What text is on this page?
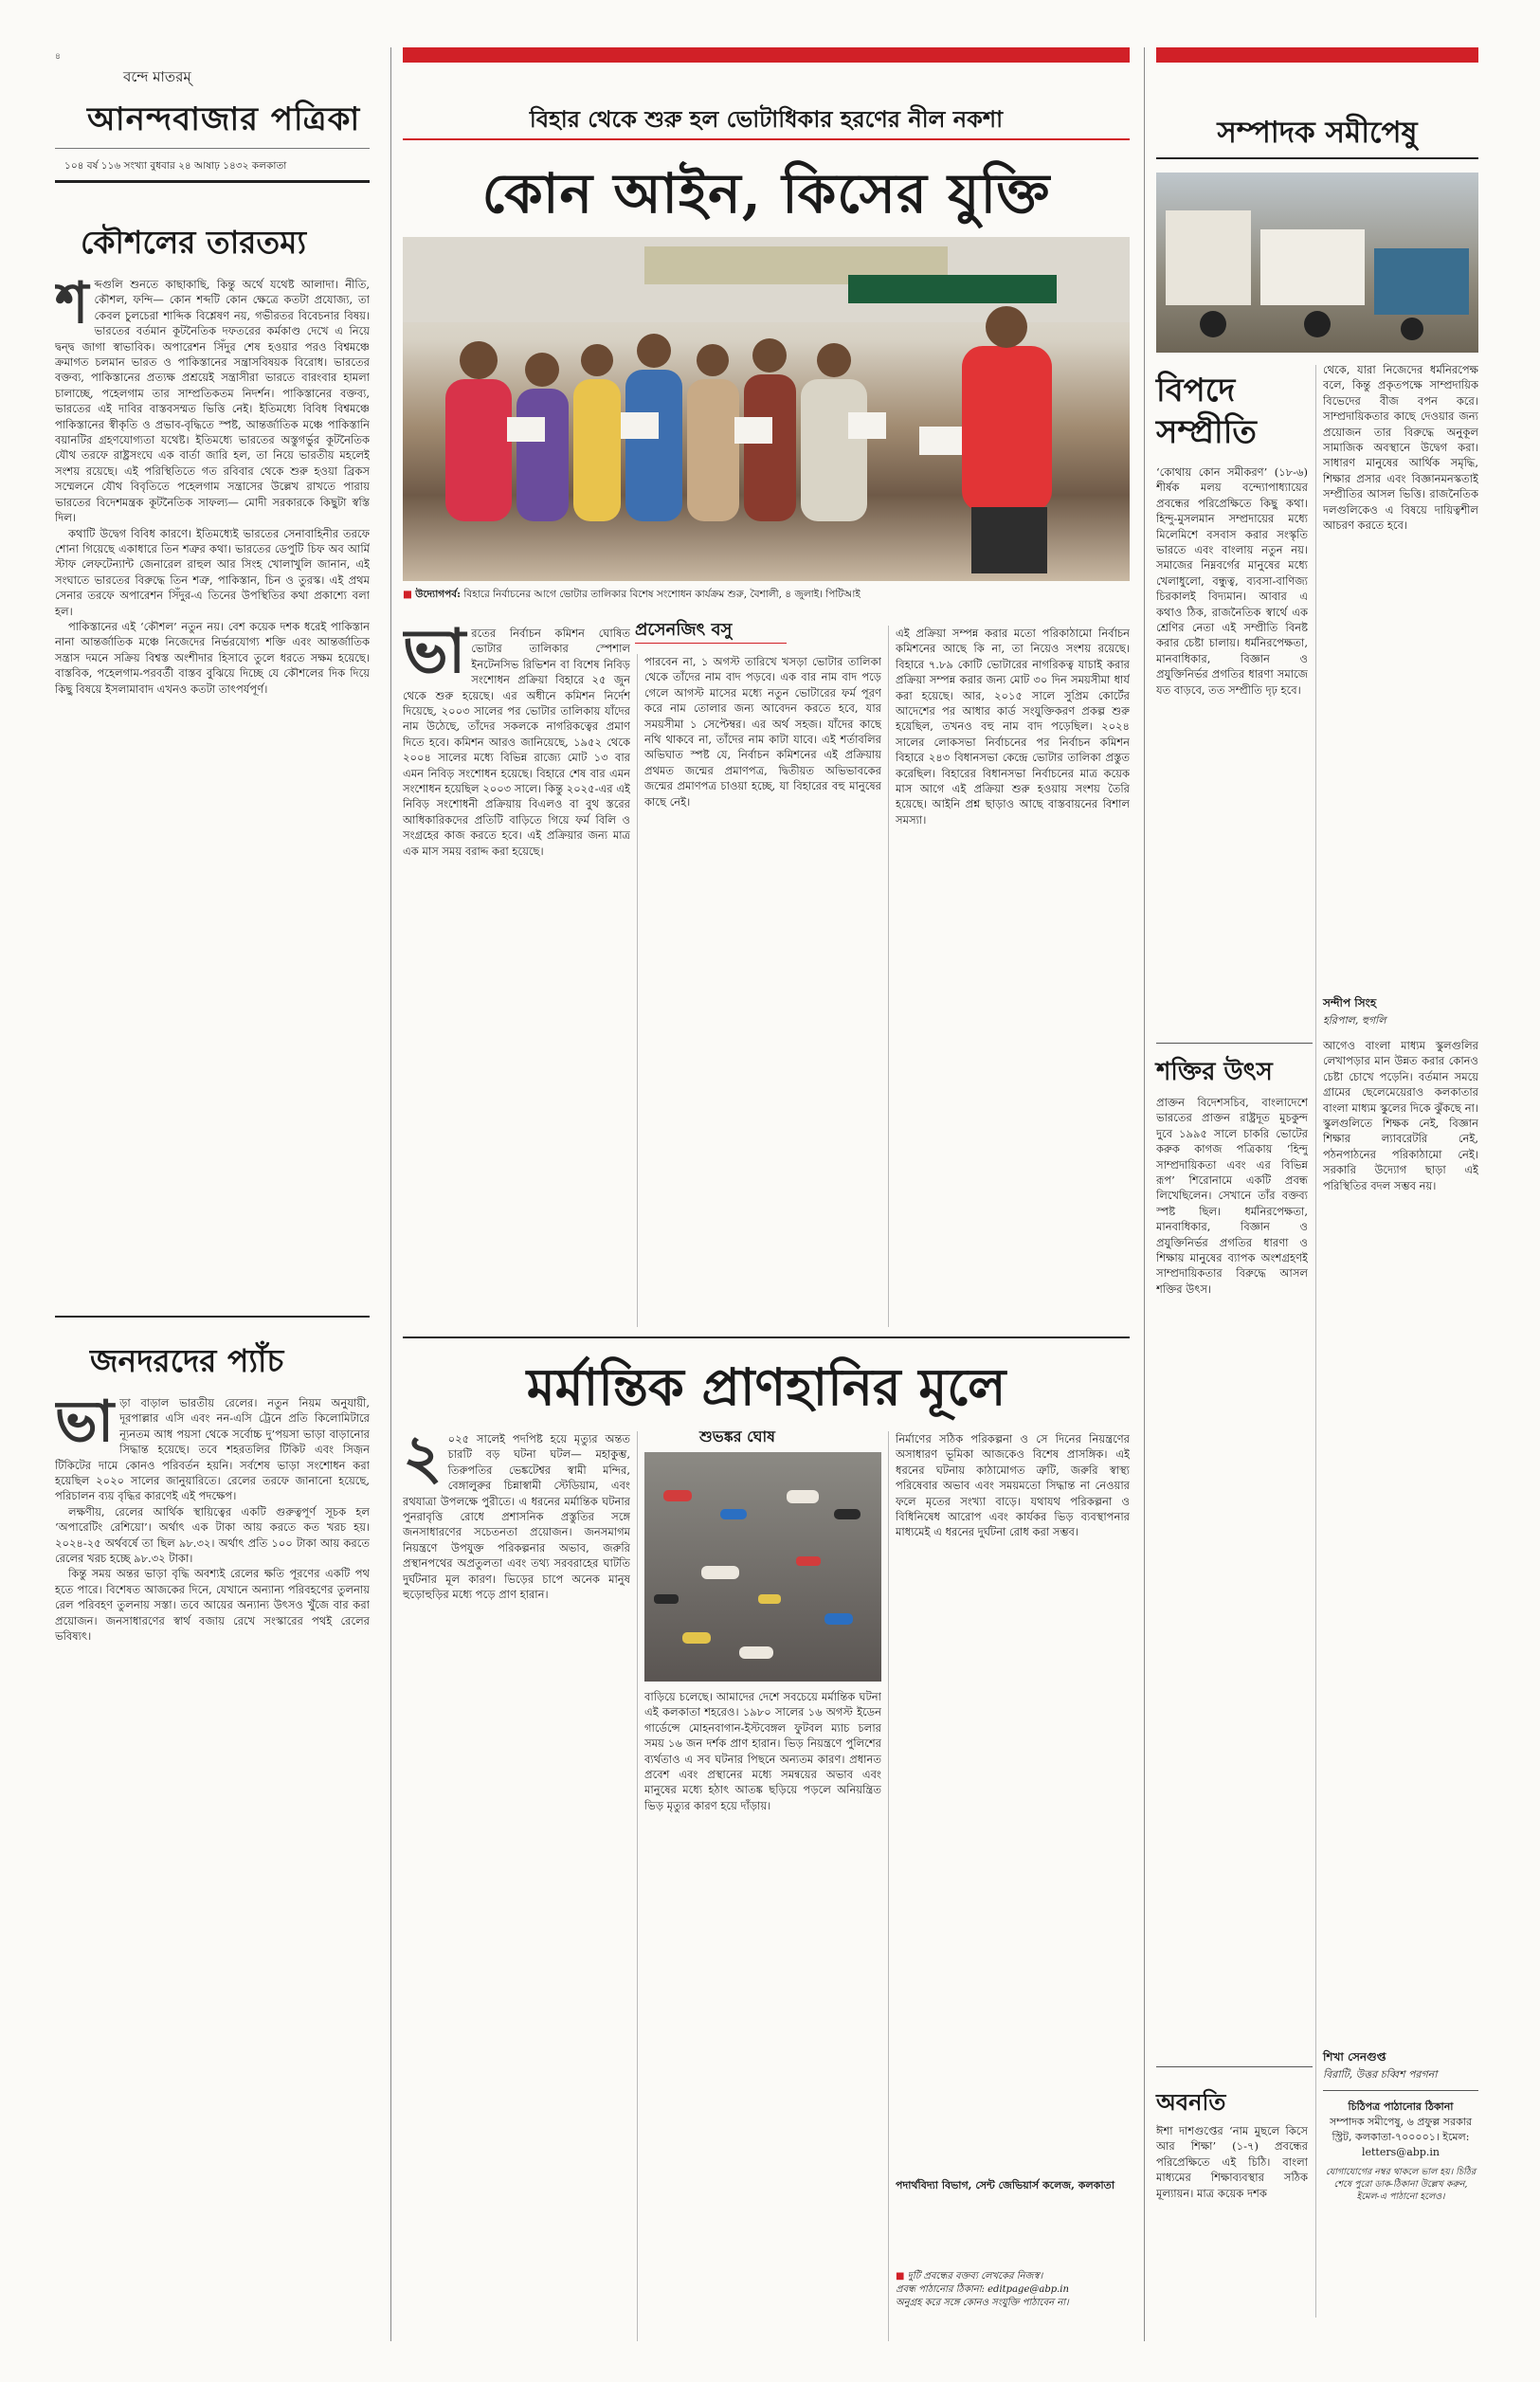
৪
বন্দে মাতরম্‌
আনন্দবাজার পত্রিকা
১০৪ বর্ষ ১১৬ সংখ্যা বুধবার ২৪ আষাঢ় ১৪৩২ কলকাতা
কৌশলের তারতম্য
শ ব্দগুলি শুনতে কাছাকাছি, কিন্তু অর্থে যথেষ্ট আলাদা। নীতি, কৌশল, ফন্দি— কোন শব্দটি কোন ক্ষেত্রে কতটা প্রযোজ্য, তা কেবল চুলচেরা শাব্দিক বিশ্লেষণ নয়, গভীরতর বিবেচনার বিষয়। ভারতের বর্তমান কূটনৈতিক দফতরের কর্মকাণ্ড দেখে এ নিয়ে দ্বন্দ্ব জাগা স্বাভাবিক। অপারেশন সিঁদুর শেষ হওয়ার পরও বিশ্বমঞ্চে ক্রমাগত চলমান ভারত ও পাকিস্তানের সন্ত্রাসবিষয়ক বিরোধ। ভারতের বক্তব্য, পাকিস্তানের প্রত্যক্ষ প্রশ্রয়েই সন্ত্রাসীরা ভারতে বারংবার হামলা চালাচ্ছে, পহেলগাম তার সাম্প্রতিকতম নিদর্শন। পাকিস্তানের বক্তব্য, ভারতের এই দাবির বাস্তবসম্মত ভিত্তি নেই। ইতিমধ্যে বিবিধ বিশ্বমঞ্চে পাকিস্তানের স্বীকৃতি ও প্রভাব-বৃদ্ধিতে স্পষ্ট, আন্তর্জাতিক মঞ্চে পাকিস্তানি বয়ানটির গ্রহণযোগ্যতা যথেষ্ট। ইতিমধ্যে ভারতের অস্তুগর্ভুর কূটনৈতিক যৌথ তরফে রাষ্ট্রসংঘে এক বার্তা জারি হল, তা নিয়ে ভারতীয় মহলেই সংশয় রয়েছে। এই পরিস্থিতিতে গত রবিবার থেকে শুরু হওয়া ব্রিকস সম্মেলনে যৌথ বিবৃতিতে পহেলগাম সন্ত্রাসের উল্লেখ রাখতে পারায় ভারতের বিদেশমন্ত্রক কূটনৈতিক সাফল্য— মোদী সরকারকে কিছুটা স্বস্তি দিল।

কথাটি উদ্বেগ বিবিধ কারণে। ইতিমধ্যেই ভারতের সেনাবাহিনীর তরফে শোনা গিয়েছে একাধারে তিন শত্রুর কথা। ভারতের ডেপুটি চিফ অব আর্মি স্টাফ লেফটেন্যান্ট জেনারেল রাহুল আর সিংহ খোলাখুলি জানান, এই সংঘাতে ভারতের বিরুদ্ধে তিন শত্রু, পাকিস্তান, চিন ও তুরস্ক। এই প্রথম সেনার তরফে অপারেশন সিঁদুর-এ তিনের উপস্থিতির কথা প্রকাশ্যে বলা হল।

পাকিস্তানের এই ‘কৌশল’ নতুন নয়। বেশ কয়েক দশক ধরেই পাকিস্তান নানা আন্তর্জাতিক মঞ্চে নিজেদের নির্ভরযোগ্য শক্তি এবং আন্তর্জাতিক সন্ত্রাস দমনে সক্রিয় বিশ্বস্ত অংশীদার হিসাবে তুলে ধরতে সক্ষম হয়েছে। বাস্তবিক, পহেলগাম-পরবর্তী বাস্তব বুঝিয়ে দিচ্ছে যে কৌশলের দিক দিয়ে কিছু বিষয়ে ইসলামাবাদ এখনও কতটা তাৎপর্যপূর্ণ।

জনদরদের প্যাঁচ
ভা ড়া বাড়াল ভারতীয় রেলের। নতুন নিয়ম অনুযায়ী, দূরপাল্লার এসি এবং নন-এসি ট্রেনে প্রতি কিলোমিটারে ন্যূনতম আধ পয়সা থেকে সর্বোচ্চ দু’পয়সা ভাড়া বাড়ানোর সিদ্ধান্ত হয়েছে। তবে শহরতলির টিকিট এবং সিজ়ন টিকিটের দামে কোনও পরিবর্তন হয়নি। সর্বশেষ ভাড়া সংশোধন করা হয়েছিল ২০২০ সালের জানুয়ারিতে। রেলের তরফে জানানো হয়েছে, পরিচালন ব্যয় বৃদ্ধির কারণেই এই পদক্ষেপ।

লক্ষণীয়, রেলের আর্থিক স্থায়িত্বের একটি গুরুত্বপূর্ণ সূচক হল ‘অপারেটিং রেশিয়ো’। অর্থাৎ এক টাকা আয় করতে কত খরচ হয়। ২০২৪-২৫ অর্থবর্ষে তা ছিল ৯৮.৩২। অর্থাৎ প্রতি ১০০ টাকা আয় করতে রেলের খরচ হচ্ছে ৯৮.৩২ টাকা।

কিন্তু সময় অন্তর ভাড়া বৃদ্ধি অবশ্যই রেলের ক্ষতি পূরণের একটি পথ হতে পারে। বিশেষত আজকের দিনে, যেখানে অন্যান্য পরিবহণের তুলনায় রেল পরিবহণ তুলনায় সস্তা। তবে আয়ের অন্যান্য উৎসও খুঁজে বার করা প্রয়োজন। জনসাধারণের স্বার্থ বজায় রেখে সংস্কারের পথই রেলের ভবিষ্যৎ।

বিহার থেকে শুরু হল ভোটাধিকার হরণের নীল নকশা
কোন আইন, কিসের যুক্তি
■ উদ্যোগপর্ব: বিহারে নির্বাচনের আগে ভোটার তালিকার বিশেষ সংশোধন কার্যক্রম শুরু, বৈশালী, ৪ জুলাই। পিটিআই
প্রসেনজিৎ বসু
ভা রতের নির্বাচন কমিশন ঘোষিত ভোটার তালিকার স্পেশাল ইনটেনসিভ রিভিশন বা বিশেষ নিবিড় সংশোধন প্রক্রিয়া বিহারে ২৫ জুন থেকে শুরু হয়েছে। এর অধীনে কমিশন নির্দেশ দিয়েছে, ২০০৩ সালের পর ভোটার তালিকায় যাঁদের নাম উঠেছে, তাঁদের সকলকে নাগরিকত্বের প্রমাণ দিতে হবে। কমিশন আরও জানিয়েছে, ১৯৫২ থেকে ২০০৪ সালের মধ্যে বিভিন্ন রাজ্যে মোট ১৩ বার এমন নিবিড় সংশোধন হয়েছে। বিহারে শেষ বার এমন সংশোধন হয়েছিল ২০০৩ সালে। কিন্তু ২০২৫-এর এই নিবিড় সংশোধনী প্রক্রিয়ায় বিএলও বা বুথ স্তরের আধিকারিকদের প্রতিটি বাড়িতে গিয়ে ফর্ম বিলি ও সংগ্রহের কাজ করতে হবে। এই প্রক্রিয়ার জন্য মাত্র এক মাস সময় বরাদ্দ করা হয়েছে।

পারবেন না, ১ অগস্ট তারিখে খসড়া ভোটার তালিকা থেকে তাঁদের নাম বাদ পড়বে। এক বার নাম বাদ পড়ে গেলে আগস্ট মাসের মধ্যে নতুন ভোটারের ফর্ম পূরণ করে নাম তোলার জন্য আবেদন করতে হবে, যার সময়সীমা ১ সেপ্টেম্বর। এর অর্থ সহজ। যাঁদের কাছে নথি থাকবে না, তাঁদের নাম কাটা যাবে। এই শর্তাবলির অভিঘাত স্পষ্ট যে, নির্বাচন কমিশনের এই প্রক্রিয়ায় প্রথমত জন্মের প্রমাণপত্র, দ্বিতীয়ত অভিভাবকের জন্মের প্রমাণপত্র চাওয়া হচ্ছে, যা বিহারের বহু মানুষের কাছে নেই।

এই প্রক্রিয়া সম্পন্ন করার মতো পরিকাঠামো নির্বাচন কমিশনের আছে কি না, তা নিয়েও সংশয় রয়েছে। বিহারে ৭.৮৯ কোটি ভোটারের নাগরিকত্ব যাচাই করার প্রক্রিয়া সম্পন্ন করার জন্য মোট ৩০ দিন সময়সীমা ধার্য করা হয়েছে। আর, ২০১৫ সালে সুপ্রিম কোর্টের আদেশের পর আধার কার্ড সংযুক্তিকরণ প্রকল্প শুরু হয়েছিল, তখনও বহু নাম বাদ পড়েছিল। ২০২৪ সালের লোকসভা নির্বাচনের পর নির্বাচন কমিশন বিহারে ২৪৩ বিধানসভা কেন্দ্রে ভোটার তালিকা প্রস্তুত করেছিল। বিহারের বিধানসভা নির্বাচনের মাত্র কয়েক মাস আগে এই প্রক্রিয়া শুরু হওয়ায় সংশয় তৈরি হয়েছে। আইনি প্রশ্ন ছাড়াও আছে বাস্তবায়নের বিশাল সমস্যা।

মর্মান্তিক প্রাণহানির মূলে
শুভঙ্কর ঘোষ
২ ০২৫ সালেই পদপিষ্ট হয়ে মৃত্যুর অন্তত চারটি বড় ঘটনা ঘটল— মহাকুম্ভ, তিরুপতির ভেঙ্কটেশ্বর স্বামী মন্দির, বেঙ্গালুরুর চিন্নাস্বামী স্টেডিয়াম, এবং রথযাত্রা উপলক্ষে পুরীতে। এ ধরনের মর্মান্তিক ঘটনার পুনরাবৃত্তি রোধে প্রশাসনিক প্রস্তুতির সঙ্গে জনসাধারণের সচেতনতা প্রয়োজন। জনসমাগম নিয়ন্ত্রণে উপযুক্ত পরিকল্পনার অভাব, জরুরি প্রস্থানপথের অপ্রতুলতা এবং তথ্য সরবরাহের ঘাটতি দুর্ঘটনার মূল কারণ। ভিড়ের চাপে অনেক মানুষ হুড়োহুড়ির মধ্যে পড়ে প্রাণ হারান।

বাড়িয়ে চলেছে। আমাদের দেশে সবচেয়ে মর্মান্তিক ঘটনা এই কলকাতা শহরেও। ১৯৮০ সালের ১৬ অগস্ট ইডেন গার্ডেন্সে মোহনবাগান-ইস্টবেঙ্গল ফুটবল ম্যাচ চলার সময় ১৬ জন দর্শক প্রাণ হারান। ভিড় নিয়ন্ত্রণে পুলিশের ব্যর্থতাও এ সব ঘটনার পিছনে অন্যতম কারণ। প্রধানত প্রবেশ এবং প্রস্থানের মধ্যে সমন্বয়ের অভাব এবং মানুষের মধ্যে হঠাৎ আতঙ্ক ছড়িয়ে পড়লে অনিয়ন্ত্রিত ভিড় মৃত্যুর কারণ হয়ে দাঁড়ায়।

নির্মাণের সঠিক পরিকল্পনা ও সে দিনের নিয়ন্ত্রণের অসাধারণ ভূমিকা আজকেও বিশেষ প্রাসঙ্গিক। এই ধরনের ঘটনায় কাঠামোগত ত্রুটি, জরুরি স্বাস্থ্য পরিষেবার অভাব এবং সময়মতো সিদ্ধান্ত না নেওয়ার ফলে মৃতের সংখ্যা বাড়ে। যথাযথ পরিকল্পনা ও বিধিনিষেধ আরোপ এবং কার্যকর ভিড় ব্যবস্থাপনার মাধ্যমেই এ ধরনের দুর্ঘটনা রোধ করা সম্ভব।

পদার্থবিদ্যা বিভাগ, সেন্ট জেভিয়ার্স কলেজ, কলকাতা
■ দুটি প্রবন্ধের বক্তব্য লেখকের নিজস্ব।
প্রবন্ধ পাঠানোর ঠিকানা: editpage@abp.in
অনুগ্রহ করে সঙ্গে কোনও সংযুক্তি পাঠাবেন না।
সম্পাদক সমীপেষু
বিপদে সম্প্রীতি

‘কোথায় কোন সমীকরণ’ (১৮-৬) শীর্ষক মলয় বন্দ্যোপাধ্যায়ের প্রবন্ধের পরিপ্রেক্ষিতে কিছু কথা। হিন্দু-মুসলমান সম্প্রদায়ের মধ্যে মিলেমিশে বসবাস করার সংস্কৃতি ভারতে এবং বাংলায় নতুন নয়। সমাজের নিম্নবর্গের মানুষের মধ্যে খেলাধুলো, বন্ধুত্ব, ব্যবসা-বাণিজ্য চিরকালই বিদ্যমান। আবার এ কথাও ঠিক, রাজনৈতিক স্বার্থে এক শ্রেণির নেতা এই সম্প্রীতি বিনষ্ট করার চেষ্টা চালায়। ধর্মনিরপেক্ষতা, মানবাধিকার, বিজ্ঞান ও প্রযুক্তিনির্ভর প্রগতির ধারণা সমাজে যত বাড়বে, তত সম্প্রীতি দৃঢ় হবে।

থেকে, যারা নিজেদের ধর্মনিরপেক্ষ বলে, কিন্তু প্রকৃতপক্ষে সাম্প্রদায়িক বিভেদের বীজ বপন করে। সাম্প্রদায়িকতার কাছে দেওয়ার জন্য প্রয়োজন তার বিরুদ্ধে অনুকূল সামাজিক অবস্থানে উদ্বেগ করা। সাধারণ মানুষের আর্থিক সমৃদ্ধি, শিক্ষার প্রসার এবং বিজ্ঞানমনস্কতাই সম্প্রীতির আসল ভিত্তি। রাজনৈতিক দলগুলিকেও এ বিষয়ে দায়িত্বশীল আচরণ করতে হবে।

সন্দীপ সিংহ
হরিপাল, হুগলি
শক্তির উৎস

প্রাক্তন বিদেশসচিব, বাংলাদেশে ভারতের প্রাক্তন রাষ্ট্রদূত মুচকুন্দ দুবে ১৯৯৫ সালে চাকরি ভোটের করুক কাগজ পত্রিকায় ‘হিন্দু সাম্প্রদায়িকতা এবং এর বিভিন্ন রূপ’ শিরোনামে একটি প্রবন্ধ লিখেছিলেন। সেখানে তাঁর বক্তব্য স্পষ্ট ছিল। ধর্মনিরপেক্ষতা, মানবাধিকার, বিজ্ঞান ও প্রযুক্তিনির্ভর প্রগতির ধারণা ও শিক্ষায় মানুষের ব্যাপক অংশগ্রহণই সাম্প্রদায়িকতার বিরুদ্ধে আসল শক্তির উৎস।

আগেও বাংলা মাধ্যম স্কুলগুলির লেখাপড়ার মান উন্নত করার কোনও চেষ্টা চোখে পড়েনি। বর্তমান সময়ে গ্রামের ছেলেমেয়েরাও কলকাতার বাংলা মাধ্যম স্কুলের দিকে ঝুঁকছে না। স্কুলগুলিতে শিক্ষক নেই, বিজ্ঞান শিক্ষার ল্যাবরেটরি নেই, পঠনপাঠনের পরিকাঠামো নেই। সরকারি উদ্যোগ ছাড়া এই পরিস্থিতির বদল সম্ভব নয়।

শিখা সেনগুপ্ত
বিরাটি, উত্তর চব্বিশ পরগনা
অবনতি

ঈশা দাশগুপ্তের ‘নাম মুছলে কিসে আর শিক্ষা’ (১-৭) প্রবন্ধের পরিপ্রেক্ষিতে এই চিঠি। বাংলা মাধ্যমের শিক্ষাব্যবস্থার সঠিক মূল্যায়ন। মাত্র কয়েক দশক

চিঠিপত্র পাঠানোর ঠিকানা
সম্পাদক সমীপেষু, ৬ প্রফুল্ল সরকার স্ট্রিট, কলকাতা-৭০০০০১। ইমেল: letters@abp.in
যোগাযোগের নম্বর থাকলে ভাল হয়। চিঠির শেষে পুরো ডাক-ঠিকানা উল্লেখ করুন, ইমেল-এ পাঠানো হলেও।
